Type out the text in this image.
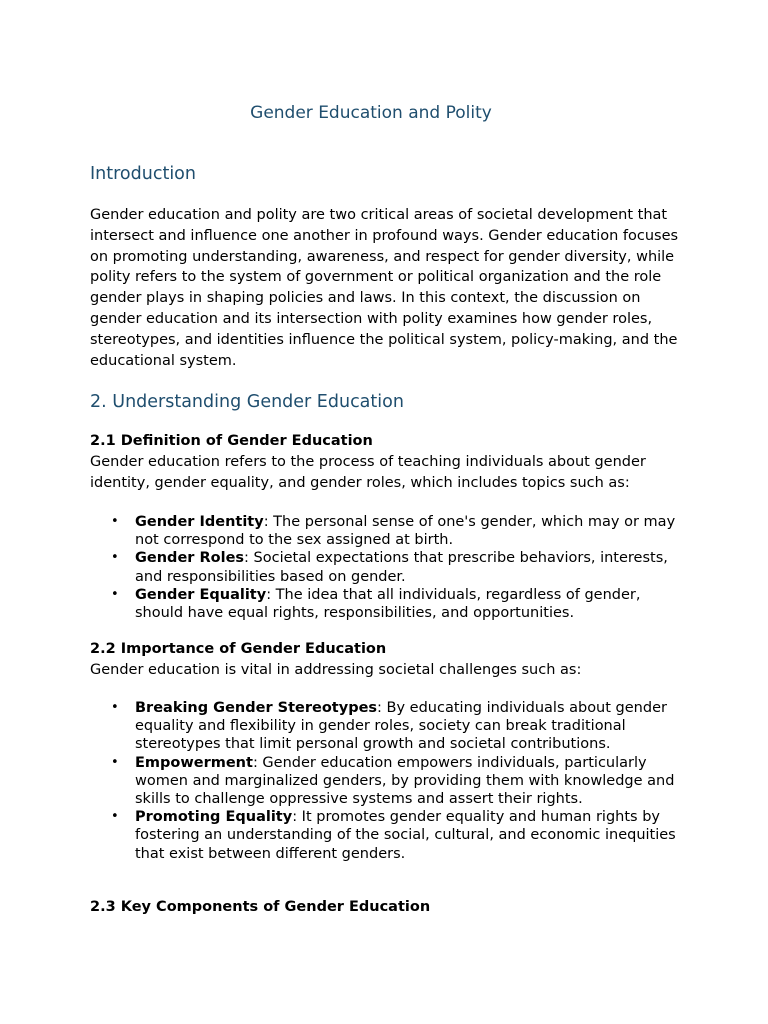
Gender Education and Polity
Introduction
Gender education and polity are two critical areas of societal development that intersect and influence one another in profound ways. Gender education focuses on promoting understanding, awareness, and respect for gender diversity, while polity refers to the system of government or political organization and the role gender plays in shaping policies and laws. In this context, the discussion on gender education and its intersection with polity examines how gender roles, stereotypes, and identities influence the political system, policy-making, and the educational system.
2. Understanding Gender Education
2.1 Definition of Gender Education
Gender education refers to the process of teaching individuals about gender identity, gender equality, and gender roles, which includes topics such as:
• Gender Identity: The personal sense of one's gender, which may or may not correspond to the sex assigned at birth.
• Gender Roles: Societal expectations that prescribe behaviors, interests, and responsibilities based on gender.
• Gender Equality: The idea that all individuals, regardless of gender, should have equal rights, responsibilities, and opportunities.
2.2 Importance of Gender Education
Gender education is vital in addressing societal challenges such as:
• Breaking Gender Stereotypes: By educating individuals about gender equality and flexibility in gender roles, society can break traditional stereotypes that limit personal growth and societal contributions.
• Empowerment: Gender education empowers individuals, particularly women and marginalized genders, by providing them with knowledge and skills to challenge oppressive systems and assert their rights.
• Promoting Equality: It promotes gender equality and human rights by fostering an understanding of the social, cultural, and economic inequities that exist between different genders.
2.3 Key Components of Gender Education
